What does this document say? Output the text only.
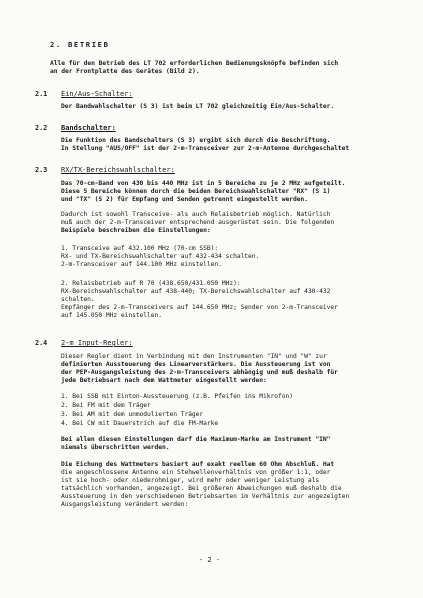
2. BETRIEB
Alle für den Betrieb des LT 702 erforderlichen Bedienungsknöpfe befinden sich
an der Frontplatte des Gerätes (Bild 2).
2.1 Ein/Aus-Schalter:
Der Bandwahlschalter (S 3) ist beim LT 702 gleichzeitig Ein/Aus-Schalter.
2.2 Bandschalter:
Die Funktion des Bandschalters (S 3) ergibt sich durch die Beschriftung.
In Stellung "AUS/OFF" ist der 2-m-Transceiver zur 2-m-Antenne durchgeschaltet
2.3 RX/TX-Bereichswahlschalter:
Das 70-cm-Band von 430 bis 440 MHz ist in 5 Bereiche zu je 2 MHz aufgeteilt.
Diese 5 Bereiche können durch die beiden Bereichswahlschalter "RX" (S 1)
und "TX" (S 2) für Empfang und Senden getrennt eingestellt werden.
Dadurch ist sowohl Transceive- als auch Relaisbetrieb möglich. Natürlich
muß auch der 2-m-Transceiver entsprechend ausgerüstet sein. Die folgenden
Beispiele beschreiben die Einstellungen:
1. Transceive auf 432.100 MHz (70-cm SSB):
RX- und TX-Bereichswahlschalter auf 432-434 schalten.
2-m-Transceiver auf 144.100 MHz einstellen.
2. Relaisbetrieb auf R 70 (438.650/431.050 MHz):
RX-Bereichswahlschalter auf 438-440; TX-Bereichswahlschalter auf 430-432
schalten.
Empfänger des 2-m-Transceivers auf 144.650 MHz; Sender von 2-m-Transceiver
auf 145.050 MHz einstellen.
2.4 2-m Input-Regler:
Dieser Regler dient in Verbindung mit den Instrumenten "IN" und "W" zur
definierten Aussteuerung des Linearverstärkers. Die Aussteuerung ist von
der PEP-Ausgangsleistung des 2-m-Transceivers abhängig und muß deshalb für
jede Betriebsart nach dem Wattmeter eingestellt werden:
1. Bei SSB mit Einton-Aussteuerung (z.B. Pfeifen ins Mikrofon)
2. Bei FM mit dem Träger
3. Bei AM mit dem unmodulierten Träger
4. Bei CW mit Dauerstrich auf die FM-Marke
Bei allen diesen Einstellungen darf die Maximum-Marke am Instrument "IN"
niemals überschritten werden.
Die Eichung des Wattmeters basiert auf exakt reellem 60 Ohm Abschluß. Hat
die angeschlossene Antenne ein Stehwellenverhältnis von größer 1:1, oder
ist sie hoch- oder niederohmiger, wird mehr oder weniger Leistung als
tatsächlich vorhanden, angezeigt. Bei größeren Abweichungen muß deshalb die
Aussteuerung in den verschiedenen Betriebsarten im Verhältnis zur angezeigten
Ausgangsleistung verändert werden:
- 2 -
